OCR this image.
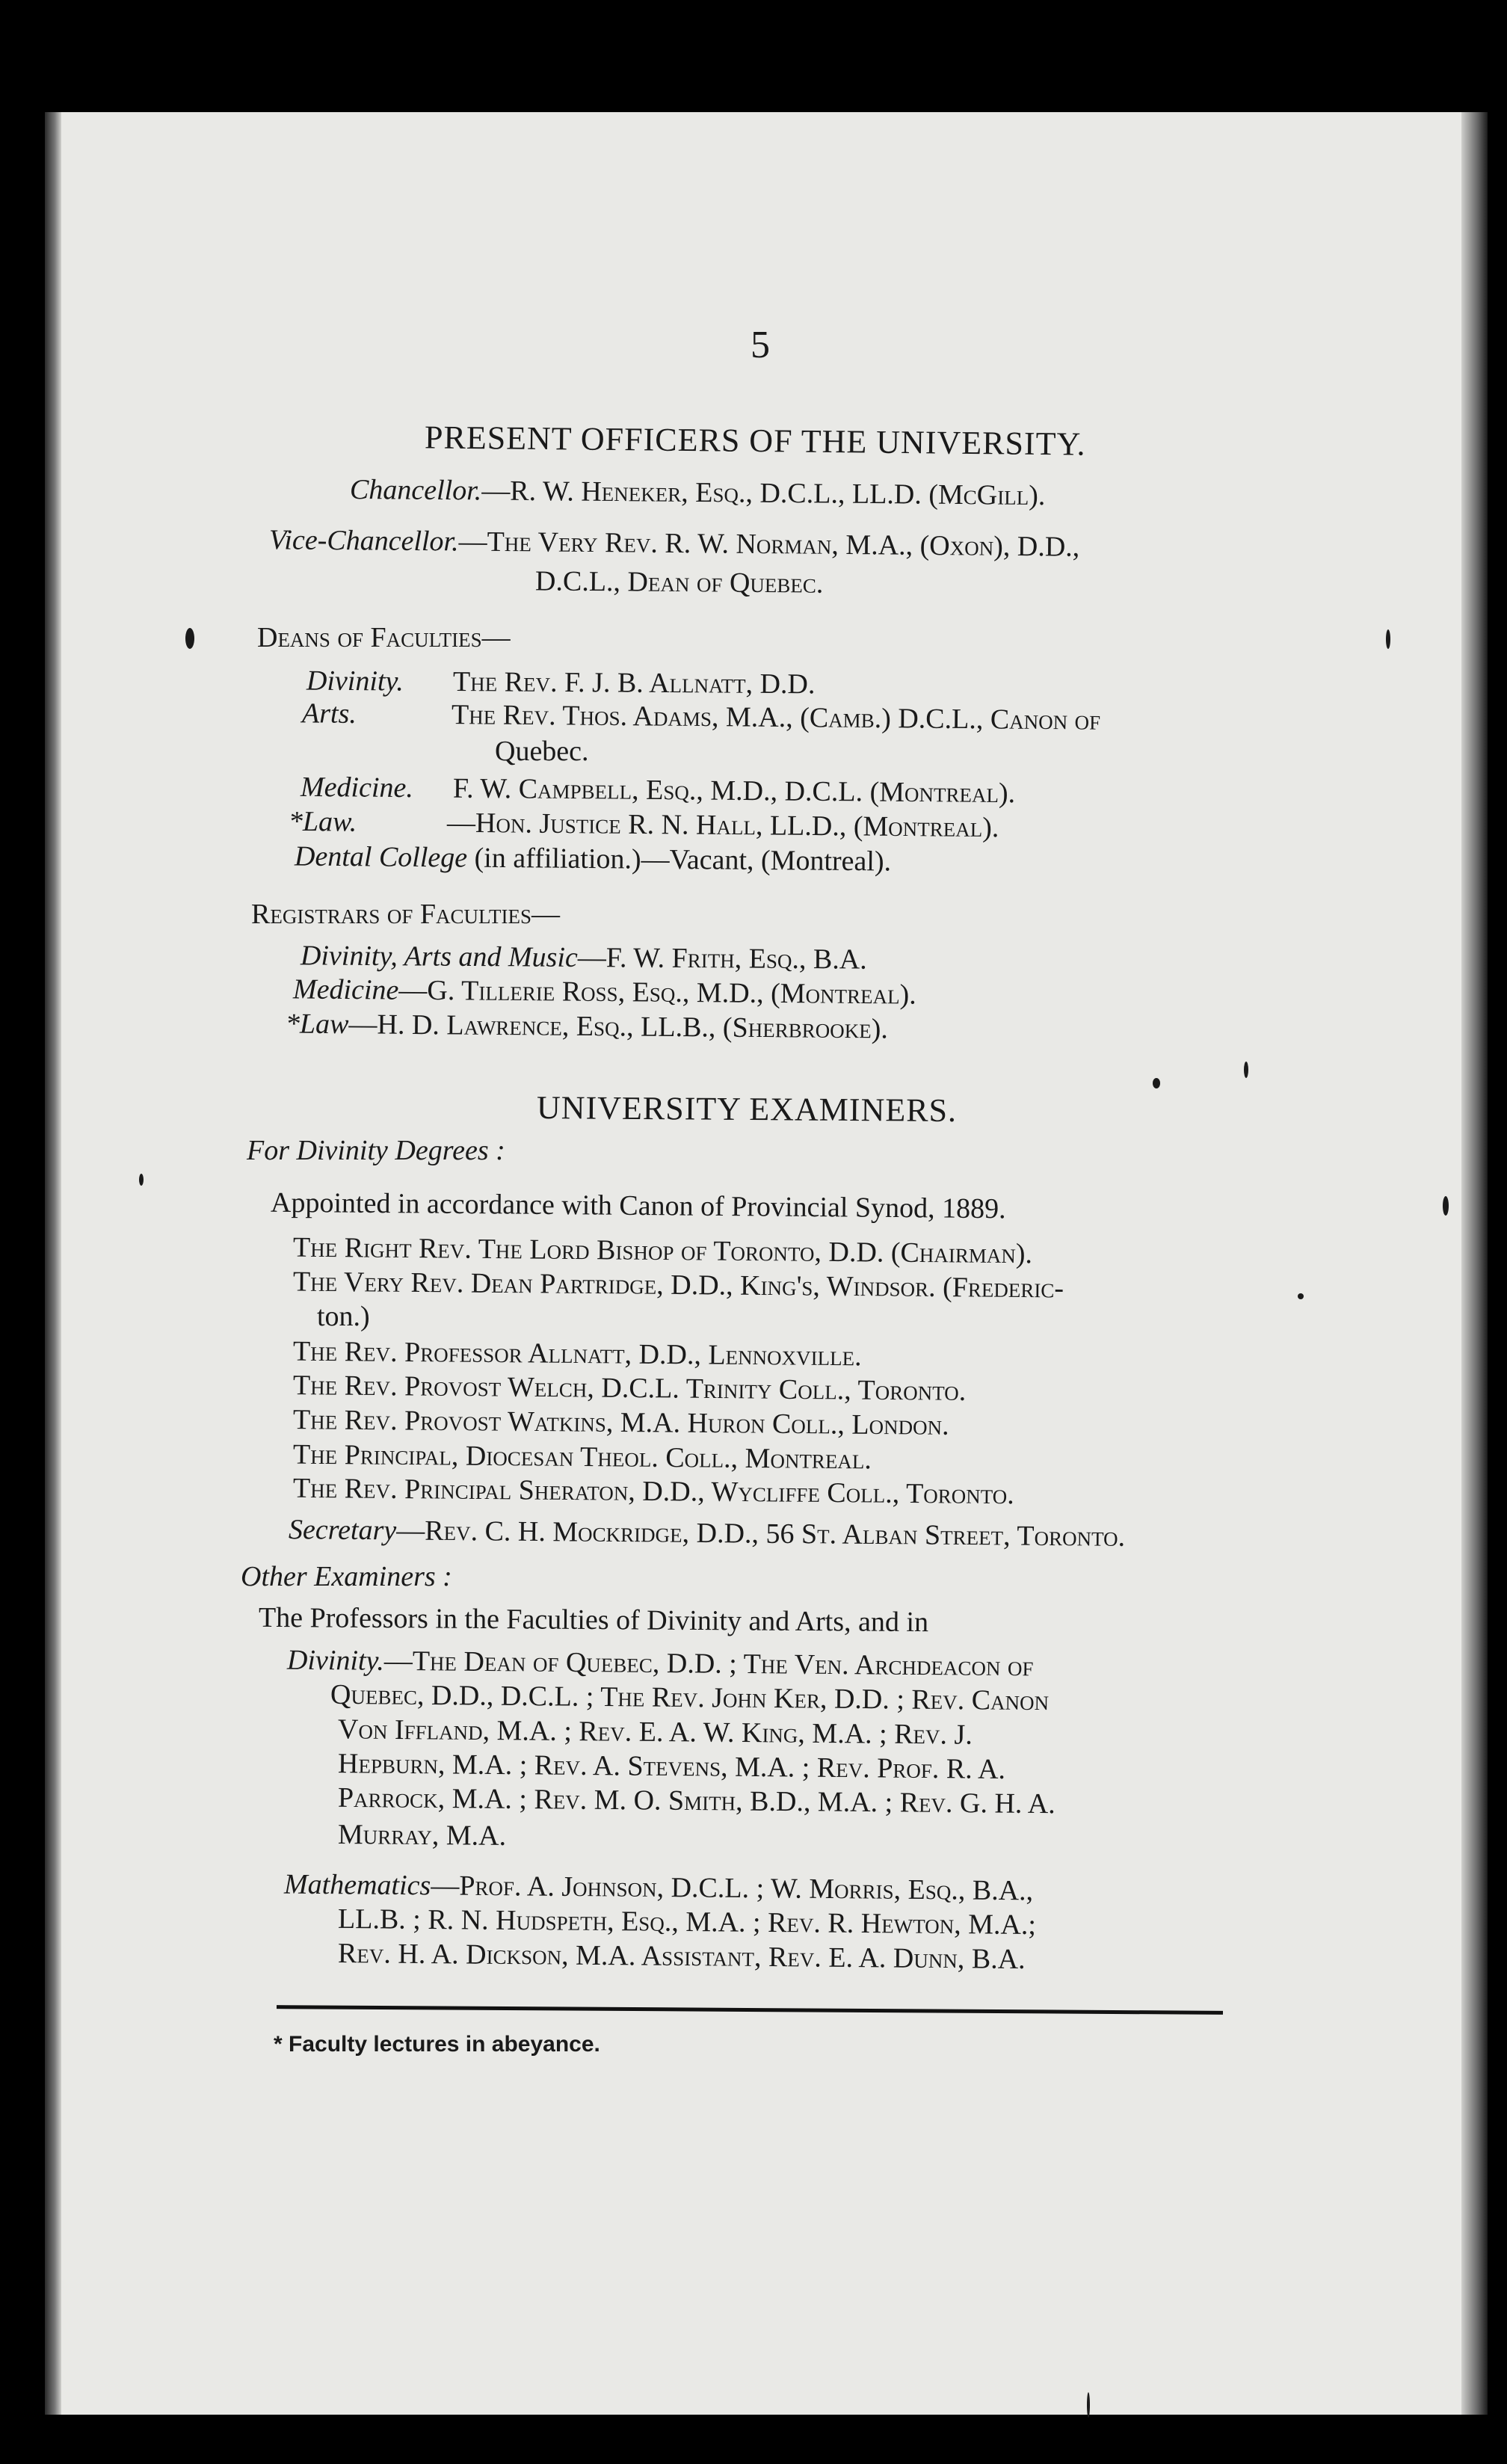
5
PRESENT OFFICERS OF THE UNIVERSITY.
Chancellor.—R. W. Heneker, Esq., D.C.L., LL.D. (McGill).
Vice-Chancellor.—The Very Rev. R. W. Norman, M.A., (Oxon), D.D.,
D.C.L., Dean of Quebec.
Deans of Faculties—
Divinity. The Rev. F. J. B. Allnatt, D.D.
Arts.	The Rev. Thos. Adams, M.A., (Camb.) D.C.L., Canon of
Quebec.
Medicine. F. W. Campbell, Esq., M.D., D.C.L. (Montreal).
*Law.	—Hon. Justice R. N. Hall, LL.D., (Montreal).
Dental College (in affiliation.)—Vacant, (Montreal).
Registrars of Faculties—
Divinity, Arts and Music—F. W. Frith, Esq., B.A.
Medicine—G. Tillerie Ross, Esq., M.D., (Montreal).
*Law—H. D. Lawrence, Esq., LL.B., (Sherbrooke).
UNIVERSITY EXAMINERS.
For Divinity Degrees :
Appointed in accordance with Canon of Provincial Synod, 1889.
The Right Rev. The Lord Bishop of Toronto, D.D. (Chairman).
The Very Rev. Dean Partridge, D.D., King's, Windsor. (Frederic-
ton.)
The Rev. Professor Allnatt, D.D., Lennoxville.
The Rev. Provost Welch, D.C.L. Trinity Coll., Toronto.
The Rev. Provost Watkins, M.A. Huron Coll., London.
The Principal, Diocesan Theol. Coll., Montreal.
The Rev. Principal Sheraton, D.D., Wycliffe Coll., Toronto.
Secretary—Rev. C. H. Mockridge, D.D., 56 St. Alban Street, Toronto.
Other Examiners :
The Professors in the Faculties of Divinity and Arts, and in
Divinity.—The Dean of Quebec, D.D. ; The Ven. Archdeacon of
Quebec, D.D., D.C.L. ; The Rev. John Ker, D.D. ; Rev. Canon
Von Iffland, M.A. ; Rev. E. A. W. King, M.A. ; Rev. J.
Hepburn, M.A. ; Rev. A. Stevens, M.A. ; Rev. Prof. R. A.
Parrock, M.A. ; Rev. M. O. Smith, B.D., M.A. ; Rev. G. H. A.
Murray, M.A.
Mathematics—Prof. A. Johnson, D.C.L. ; W. Morris, Esq., B.A.,
LL.B. ; R. N. Hudspeth, Esq., M.A. ; Rev. R. Hewton, M.A.;
Rev. H. A. Dickson, M.A. Assistant, Rev. E. A. Dunn, B.A.
* Faculty lectures in abeyance.
